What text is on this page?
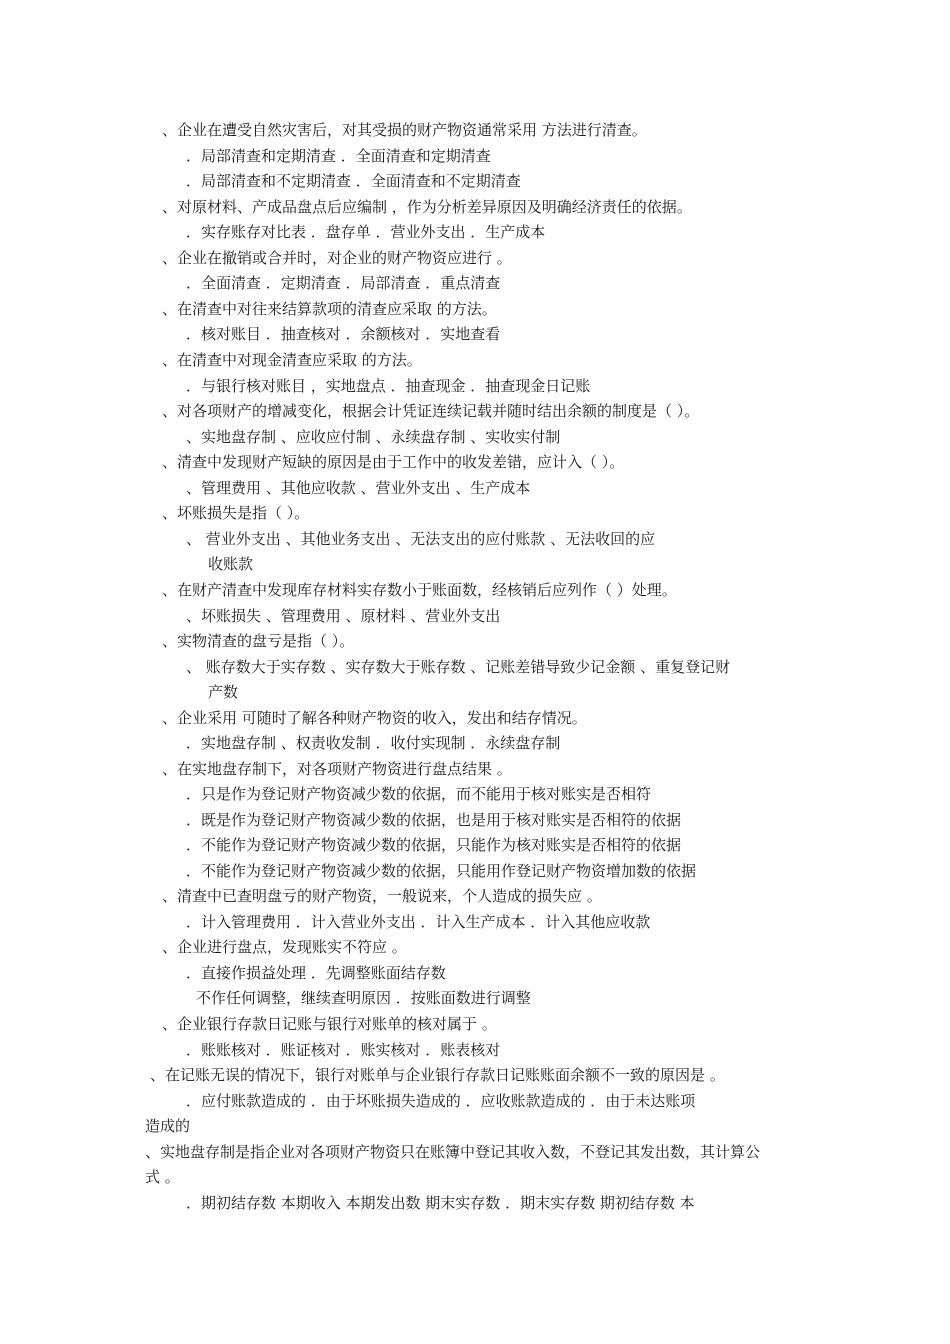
、企业在遭受自然灾害后，对其受损的财产物资通常采用 方法进行清查。
．局部清查和定期清查 ．全面清查和定期清查
．局部清查和不定期清查 ．全面清查和不定期清查
、对原材料、产成品盘点后应编制 ，作为分析差异原因及明确经济责任的依据。
．实存账存对比表 ．盘存单 ．营业外支出 ．生产成本
、企业在撤销或合并时，对企业的财产物资应进行 。
．全面清查 ．定期清查 ．局部清查 ．重点清查
、在清查中对往来结算款项的清查应采取 的方法。
．核对账目 ．抽查核对 ．余额核对 ．实地查看
、在清查中对现金清查应采取 的方法。
．与银行核对账目 ，实地盘点 ．抽查现金 ．抽查现金日记账
、对各项财产的增减变化，根据会计凭证连续记载并随时结出余额的制度是（ ）。
、实地盘存制 、应收应付制 、永续盘存制 、实收实付制
、清查中发现财产短缺的原因是由于工作中的收发差错，应计入（ ）。
、管理费用 、其他应收款 、营业外支出 、生产成本
、坏账损失是指（ ）。
、 营业外支出 、其他业务支出 、无法支出的应付账款 、无法收回的应
收账款
、在财产清查中发现库存材料实存数小于账面数，经核销后应列作（ ）处理。
、坏账损失 、管理费用 、原材料 、营业外支出
、实物清查的盘亏是指（ ）。
、 账存数大于实存数 、实存数大于账存数 、记账差错导致少记金额 、重复登记财
产数
、企业采用 可随时了解各种财产物资的收入，发出和结存情况。
．实地盘存制 、权责收发制 ．收付实现制 ．永续盘存制
、在实地盘存制下，对各项财产物资进行盘点结果 。
．只是作为登记财产物资减少数的依据，而不能用于核对账实是否相符
．既是作为登记财产物资减少数的依据，也是用于核对账实是否相符的依据
．不能作为登记财产物资减少数的依据，只能作为核对账实是否相符的依据
．不能作为登记财产物资减少数的依据，只能用作登记财产物资增加数的依据
、清查中已查明盘亏的财产物资，一般说来，个人造成的损失应 。
．计入管理费用 ．计入营业外支出 ．计入生产成本 ．计入其他应收款
、企业进行盘点，发现账实不符应 。
．直接作损益处理 ．先调整账面结存数
不作任何调整，继续查明原因 ．按账面数进行调整
、企业银行存款日记账与银行对账单的核对属于 。
．账账核对 ．账证核对 ．账实核对 ．账表核对
、在记账无误的情况下，银行对账单与企业银行存款日记账账面余额不一致的原因是 。
．应付账款造成的 ．由于坏账损失造成的 ．应收账款造成的 ．由于未达账项
造成的
、实地盘存制是指企业对各项财产物资只在账簿中登记其收入数，不登记其发出数，其计算公
式 。
．期初结存数 本期收入 本期发出数 期末实存数 ．期末实存数 期初结存数 本
